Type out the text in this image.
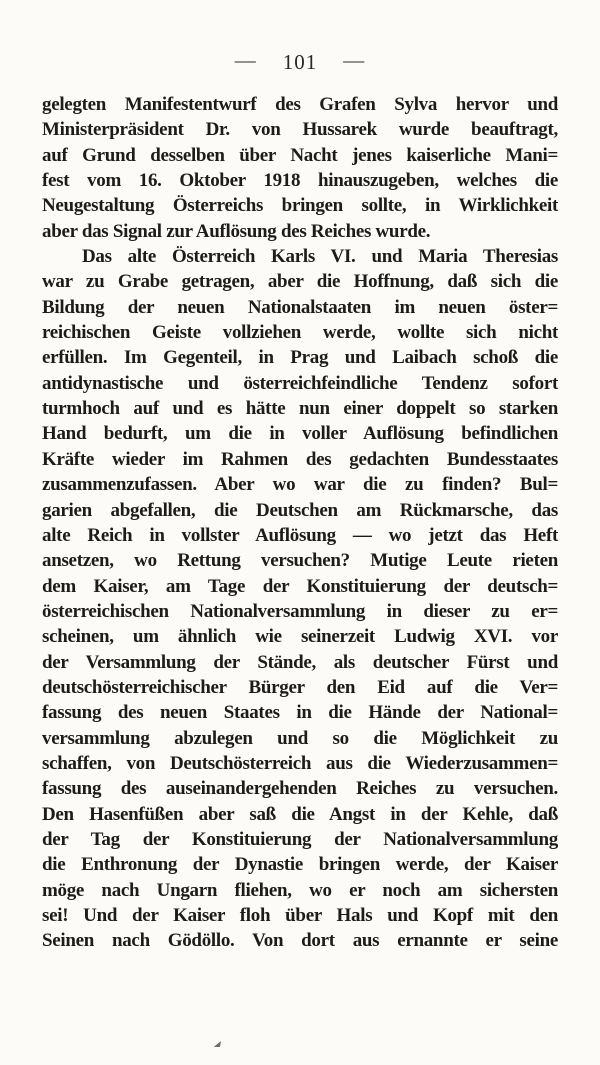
— 101 —
gelegten Manifestentwurf des Grafen Sylva hervor und
Ministerpräsident Dr. von Hussarek wurde beauftragt,
auf Grund desselben über Nacht jenes kaiserliche Mani=
fest vom 16. Oktober 1918 hinauszugeben, welches die
Neugestaltung Österreichs bringen sollte, in Wirklichkeit
aber das Signal zur Auflösung des Reiches wurde.
Das alte Österreich Karls VI. und Maria Theresias
war zu Grabe getragen, aber die Hoffnung, daß sich die
Bildung der neuen Nationalstaaten im neuen öster=
reichischen Geiste vollziehen werde, wollte sich nicht
erfüllen. Im Gegenteil, in Prag und Laibach schoß die
antidynastische und österreichfeindliche Tendenz sofort
turmhoch auf und es hätte nun einer doppelt so starken
Hand bedurft, um die in voller Auflösung befindlichen
Kräfte wieder im Rahmen des gedachten Bundesstaates
zusammenzufassen. Aber wo war die zu finden? Bul=
garien abgefallen, die Deutschen am Rückmarsche, das
alte Reich in vollster Auflösung — wo jetzt das Heft
ansetzen, wo Rettung versuchen? Mutige Leute rieten
dem Kaiser, am Tage der Konstituierung der deutsch=
österreichischen Nationalversammlung in dieser zu er=
scheinen, um ähnlich wie seinerzeit Ludwig XVI. vor
der Versammlung der Stände, als deutscher Fürst und
deutschösterreichischer Bürger den Eid auf die Ver=
fassung des neuen Staates in die Hände der National=
versammlung abzulegen und so die Möglichkeit zu
schaffen, von Deutschösterreich aus die Wiederzusammen=
fassung des auseinandergehenden Reiches zu versuchen.
Den Hasenfüßen aber saß die Angst in der Kehle, daß
der Tag der Konstituierung der Nationalversammlung
die Enthronung der Dynastie bringen werde, der Kaiser
möge nach Ungarn fliehen, wo er noch am sichersten
sei! Und der Kaiser floh über Hals und Kopf mit den
Seinen nach Gödöllo. Von dort aus ernannte er seine
